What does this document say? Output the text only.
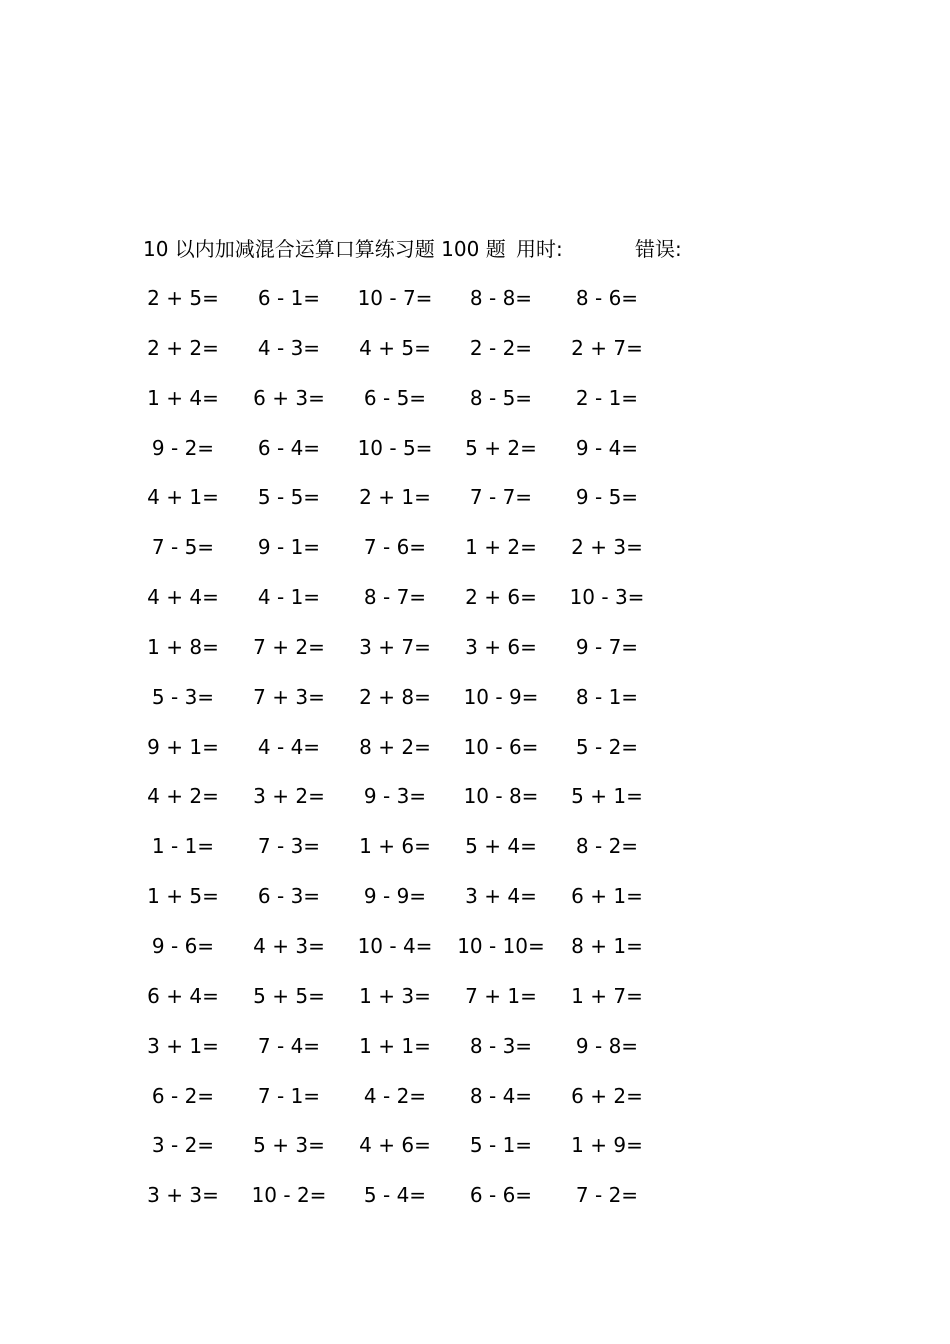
10 以内加减混合运算口算练习题 100 题 用时:	错误:
2 + 5=	6 - 1=	10 - 7=	8 - 8=	8 - 6=
2 + 2=	4 - 3=	4 + 5=	2 - 2=	2 + 7=
1 + 4=	6 + 3=	6 - 5=	8 - 5=	2 - 1=
9 - 2=	6 - 4=	10 - 5=	5 + 2=	9 - 4=
4 + 1=	5 - 5=	2 + 1=	7 - 7=	9 - 5=
7 - 5=	9 - 1=	7 - 6=	1 + 2=	2 + 3=
4 + 4=	4 - 1=	8 - 7=	2 + 6=	10 - 3=
1 + 8=	7 + 2=	3 + 7=	3 + 6=	9 - 7=
5 - 3=	7 + 3=	2 + 8=	10 - 9=	8 - 1=
9 + 1=	4 - 4=	8 + 2=	10 - 6=	5 - 2=
4 + 2=	3 + 2=	9 - 3=	10 - 8=	5 + 1=
1 - 1=	7 - 3=	1 + 6=	5 + 4=	8 - 2=
1 + 5=	6 - 3=	9 - 9=	3 + 4=	6 + 1=
9 - 6=	4 + 3=	10 - 4=	10 - 10=	8 + 1=
6 + 4=	5 + 5=	1 + 3=	7 + 1=	1 + 7=
3 + 1=	7 - 4=	1 + 1=	8 - 3=	9 - 8=
6 - 2=	7 - 1=	4 - 2=	8 - 4=	6 + 2=
3 - 2=	5 + 3=	4 + 6=	5 - 1=	1 + 9=
3 + 3=	10 - 2=	5 - 4=	6 - 6=	7 - 2=
